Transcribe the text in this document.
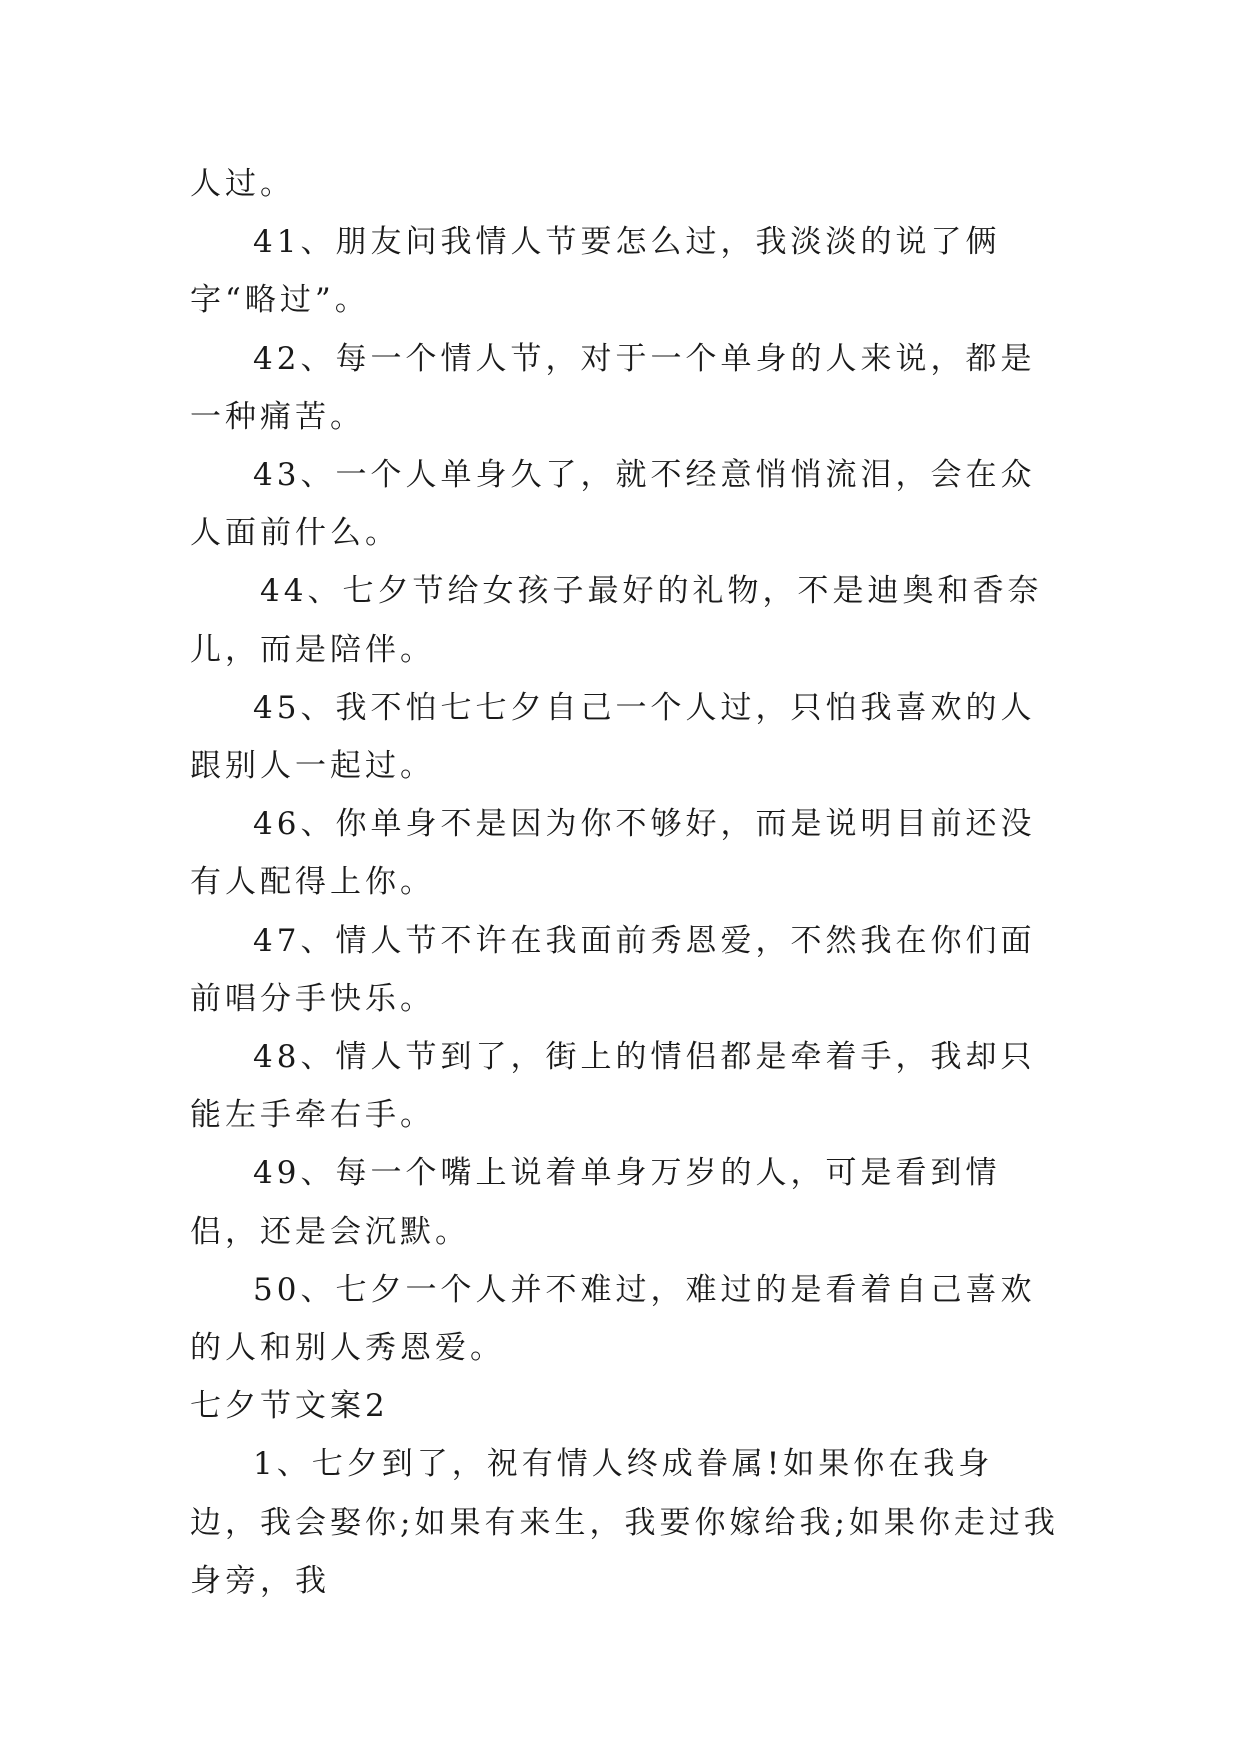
人过。

41、朋友问我情人节要怎么过，我淡淡的说了俩字“略过”。

42、每一个情人节，对于一个单身的人来说，都是一种痛苦。

43、一个人单身久了，就不经意悄悄流泪，会在众人面前什么。

44、七夕节给女孩子最好的礼物，不是迪奥和香奈儿，而是陪伴。

45、我不怕七七夕自己一个人过，只怕我喜欢的人跟别人一起过。

46、你单身不是因为你不够好，而是说明目前还没有人配得上你。

47、情人节不许在我面前秀恩爱，不然我在你们面前唱分手快乐。

48、情人节到了，街上的情侣都是牵着手，我却只能左手牵右手。

49、每一个嘴上说着单身万岁的人，可是看到情侣，还是会沉默。

50、七夕一个人并不难过，难过的是看着自己喜欢的人和别人秀恩爱。

七夕节文案2

1、七夕到了，祝有情人终成眷属!如果你在我身边，我会娶你;如果有来生，我要你嫁给我;如果你走过我身旁，我
